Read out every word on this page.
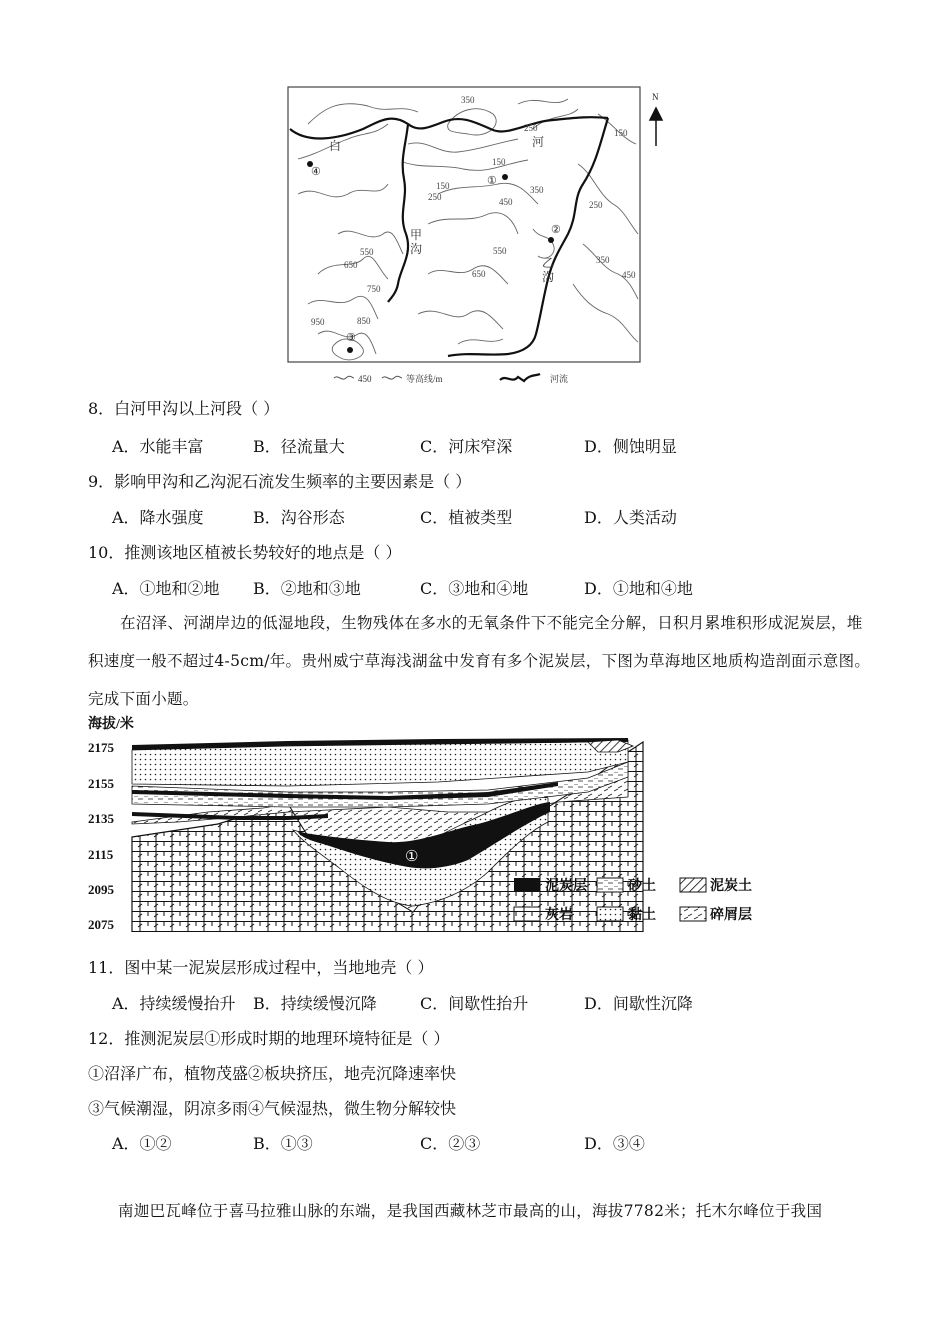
350
250
150
150	350
250	450
550
650
750
850
950
550
650
250
350
450
150
白	河
甲
沟
乙
沟
①
②
③
④
N
450	等高线/m	河流
8．白河甲沟以上河段（ ）
A．水能丰富	B．径流量大	C．河床窄深	D．侧蚀明显
9．影响甲沟和乙沟泥石流发生频率的主要因素是（ ）
A．降水强度	B．沟谷形态	C．植被类型	D．人类活动
10．推测该地区植被长势较好的地点是（ ）
A．①地和②地 B．②地和③地	C．③地和④地	D．①地和④地

在沼泽、河湖岸边的低湿地段，生物残体在多水的无氧条件下不能完全分解，日积月累堆积形成泥炭层，堆积速度一般不超过4-5cm/年。贵州威宁草海浅湖盆中发育有多个泥炭层，下图为草海地区地质构造剖面示意图。完成下面小题。

海拔/米
2175
2155
2135
2115
2095
2075
①
泥炭层	砂土	泥炭土
灰岩	黏土	碎屑层
11．图中某一泥炭层形成过程中，当地地壳（ ）
A．持续缓慢抬升 B．持续缓慢沉降	C．间歇性抬升	D．间歇性沉降
12．推测泥炭层①形成时期的地理环境特征是（ ）
①沼泽广布，植物茂盛②板块挤压，地壳沉降速率快
③气候潮湿，阴凉多雨④气候湿热，微生物分解较快
A．①②	B．①③	C．②③	D．③④
南迦巴瓦峰位于喜马拉雅山脉的东端，是我国西藏林芝市最高的山，海拔7782米；托木尔峰位于我国
